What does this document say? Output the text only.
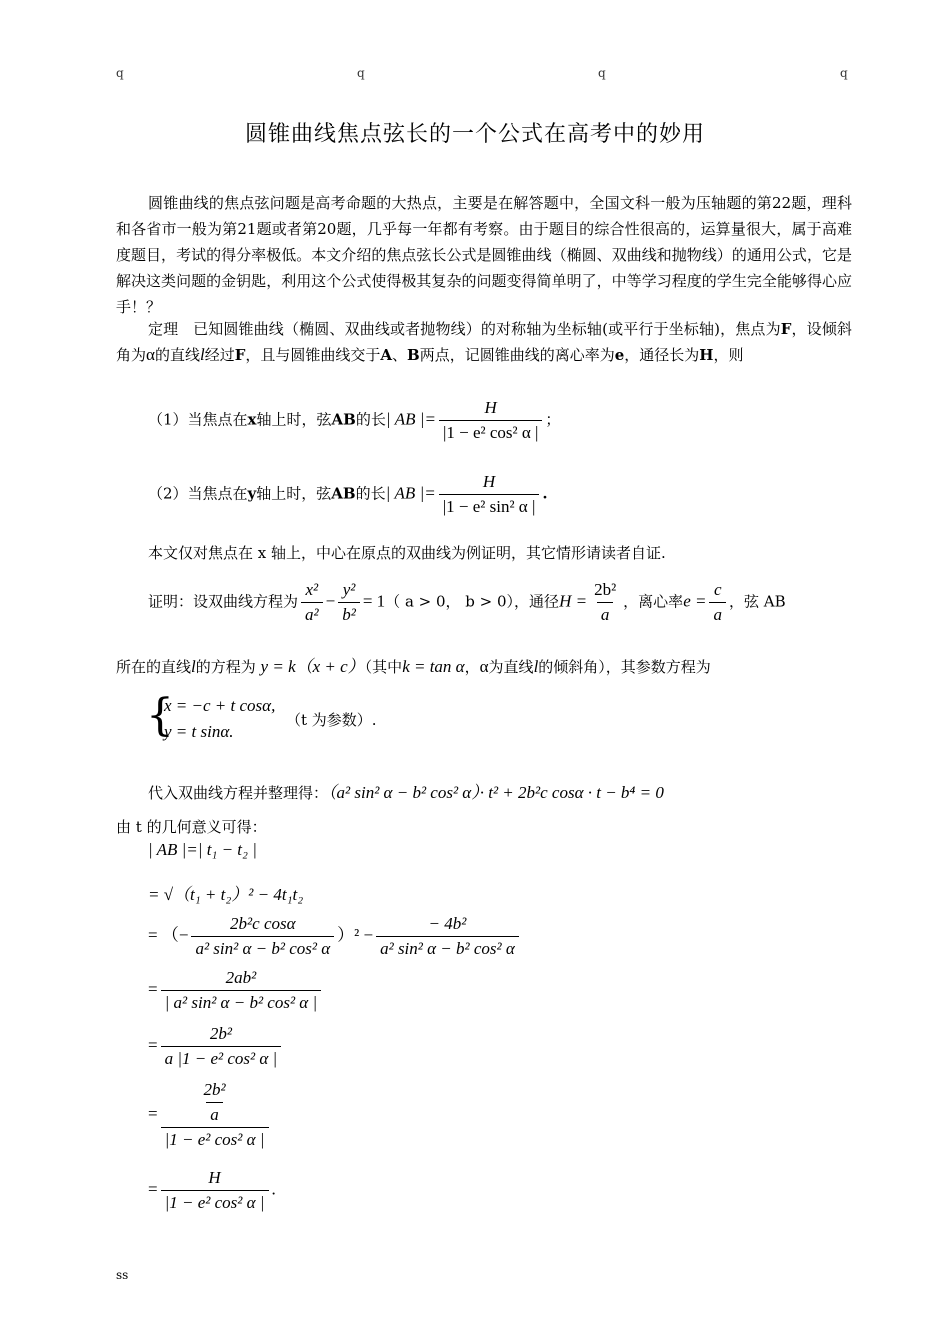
q	q	q	q
圆锥曲线焦点弦长的一个公式在高考中的妙用
圆锥曲线的焦点弦问题是高考命题的大热点，主要是在解答题中，全国文科一般为压轴题的第22题，理科和各省市一般为第21题或者第20题，几乎每一年都有考察。由于题目的综合性很高的，运算量很大，属于高难度题目，考试的得分率极低。本文介绍的焦点弦长公式是圆锥曲线（椭圆、双曲线和抛物线）的通用公式，它是解决这类问题的金钥匙，利用这个公式使得极其复杂的问题变得简单明了，中等学习程度的学生完全能够得心应手！？
定理 已知圆锥曲线（椭圆、双曲线或者抛物线）的对称轴为坐标轴(或平行于坐标轴)，焦点为F，设倾斜角为α的直线l经过F，且与圆锥曲线交于A、B两点，记圆锥曲线的离心率为e，通径长为H，则
（1）当焦点在x轴上时，弦AB的长| AB |= $\frac{H}{\text{|1 − e² cos² α |}}$ ；
（2）当焦点在y轴上时，弦AB的长| AB |= $\frac{H}{\text{|1 − e² sin² α |}}$ .
本文仅对焦点在 x 轴上，中心在原点的双曲线为例证明，其它情形请读者自证.
证明：设双曲线方程为 $\frac{\text{x²}}{\text{a²}} - \frac{\text{y²}}{\text{b²}} = 1$（ a > 0， b > 0），通径$H = \frac{\text{2b²}}{a}$ ，离心率$e = \frac{c}{a}$ ，弦 AB
所在的直线l的方程为 y = k（x + c）（其中k = tan α，α为直线l的倾斜角），其参数方程为
{
x = −c + t cosα,
y = t sinα.
（t 为参数）.
代入双曲线方程并整理得：（a² sin² α − b² cos² α）· t² + 2b²c cosα · t − b⁴ = 0
由 t 的几何意义可得：
| AB |=| t₁ − t₂ |
= √（t₁ + t₂）² − 4t₁t₂
= （− $\frac{\text{2b²c cosα}}{\text{a² sin² α − b² cos² α}} )^2 - \frac{\text{− 4b²}}{\text{a² sin² α − b² cos² α}}$
= $\frac{\text{2ab²}}{\text{| a² sin² α − b² cos² α |}}$
= $\frac{\text{2b²}}{\text{a |1 − e² cos² α |}}$
= $\frac{\frac{\text{2b²}}{a}}{\text{|1 − e² cos² α |}}$
= $\frac{H}{\text{|1 − e² cos² α |}}$ .
ss
